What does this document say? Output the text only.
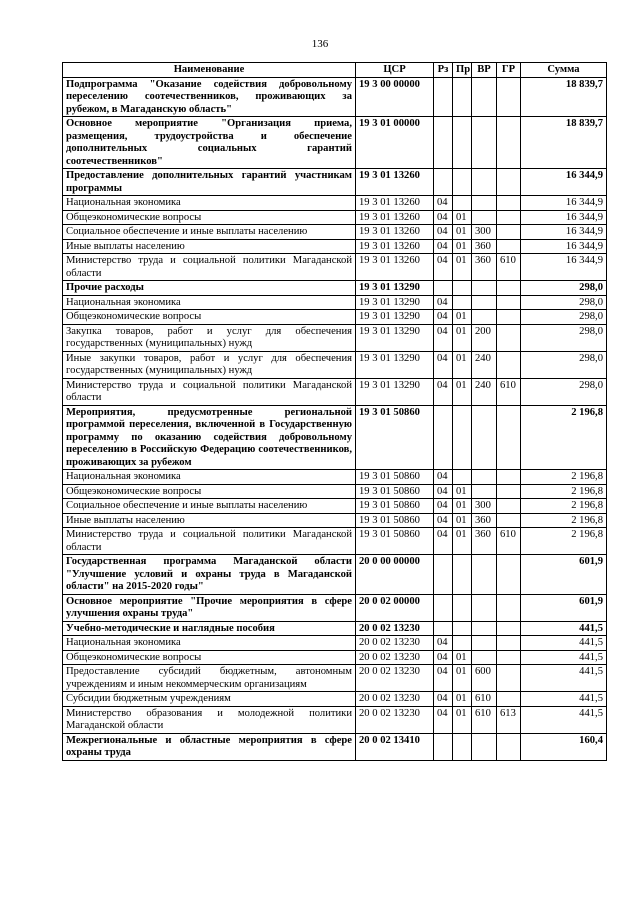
136
Наименование	ЦСР	Рз	Пр	ВР	ГР	Сумма
Подпрограмма "Оказание содействия добровольному переселению соотечественников, проживающих за рубежом, в Магаданскую область"	19 3 00 00000					18 839,7
Основное мероприятие "Организация приема, размещения, трудоустройства и обеспечение дополнительных социальных гарантий соотечественников"	19 3 01 00000					18 839,7
Предоставление дополнительных гарантий участникам программы	19 3 01 13260					16 344,9
Национальная экономика	19 3 01 13260	04				16 344,9
Общеэкономические вопросы	19 3 01 13260	04	01			16 344,9
Социальное обеспечение и иные выплаты населению	19 3 01 13260	04	01	300		16 344,9
Иные выплаты населению	19 3 01 13260	04	01	360		16 344,9
Министерство труда и социальной политики Магаданской области	19 3 01 13260	04	01	360	610	16 344,9
Прочие расходы	19 3 01 13290					298,0
Национальная экономика	19 3 01 13290	04				298,0
Общеэкономические вопросы	19 3 01 13290	04	01			298,0
Закупка товаров, работ и услуг для обеспечения государственных (муниципальных) нужд	19 3 01 13290	04	01	200		298,0
Иные закупки товаров, работ и услуг для обеспечения государственных (муниципальных) нужд	19 3 01 13290	04	01	240		298,0
Министерство труда и социальной политики Магаданской области	19 3 01 13290	04	01	240	610	298,0
Мероприятия, предусмотренные региональной программой переселения, включенной в Государственную программу по оказанию содействия добровольному переселению в Российскую Федерацию соотечественников, проживающих за рубежом	19 3 01 50860					2 196,8
Национальная экономика	19 3 01 50860	04				2 196,8
Общеэкономические вопросы	19 3 01 50860	04	01			2 196,8
Социальное обеспечение и иные выплаты населению	19 3 01 50860	04	01	300		2 196,8
Иные выплаты населению	19 3 01 50860	04	01	360		2 196,8
Министерство труда и социальной политики Магаданской области	19 3 01 50860	04	01	360	610	2 196,8
Государственная программа Магаданской области "Улучшение условий и охраны труда в Магаданской области" на 2015-2020 годы"	20 0 00 00000					601,9
Основное мероприятие "Прочие мероприятия в сфере улучшения охраны труда"	20 0 02 00000					601,9
Учебно-методические и наглядные пособия	20 0 02 13230					441,5
Национальная экономика	20 0 02 13230	04				441,5
Общеэкономические вопросы	20 0 02 13230	04	01			441,5
Предоставление субсидий бюджетным, автономным учреждениям и иным некоммерческим организациям	20 0 02 13230	04	01	600		441,5
Субсидии бюджетным учреждениям	20 0 02 13230	04	01	610		441,5
Министерство образования и молодежной политики Магаданской области	20 0 02 13230	04	01	610	613	441,5
Межрегиональные и областные мероприятия в сфере охраны труда	20 0 02 13410					160,4
